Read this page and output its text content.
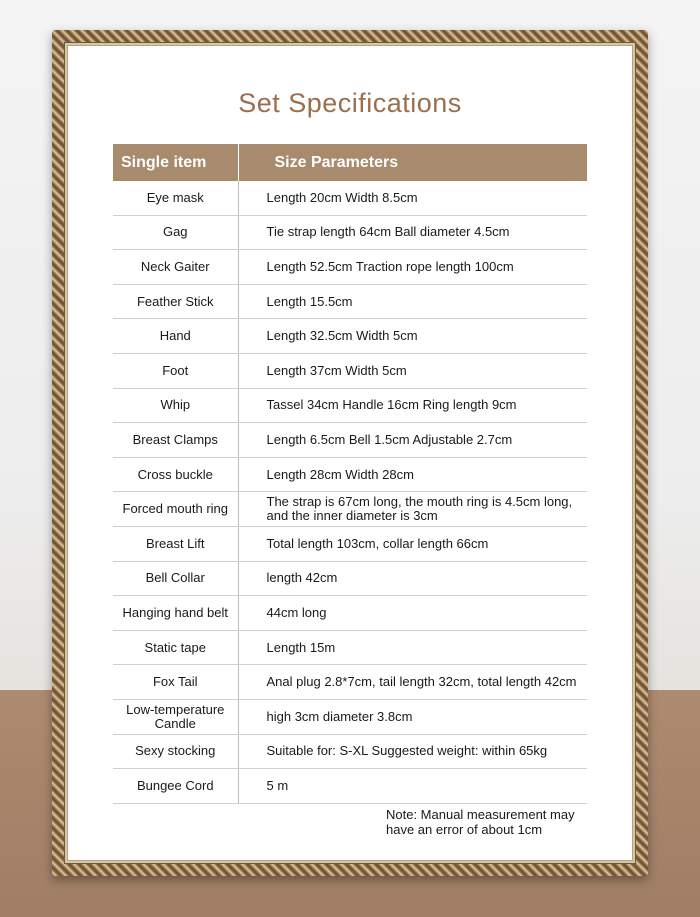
Set Specifications
Single item	Size Parameters
Eye mask	Length 20cm Width 8.5cm
Gag	Tie strap length 64cm Ball diameter 4.5cm
Neck Gaiter	Length 52.5cm Traction rope length 100cm
Feather Stick	Length 15.5cm
Hand	Length 32.5cm Width 5cm
Foot	Length 37cm Width 5cm
Whip	Tassel 34cm Handle 16cm Ring length 9cm
Breast Clamps	Length 6.5cm Bell 1.5cm Adjustable 2.7cm
Cross buckle	Length 28cm Width 28cm
Forced mouth ring	The strap is 67cm long, the mouth ring is 4.5cm long, and the inner diameter is 3cm
Breast Lift	Total length 103cm, collar length 66cm
Bell Collar	length 42cm
Hanging hand belt	44cm long
Static tape	Length 15m
Fox Tail	Anal plug 2.8*7cm, tail length 32cm, total length 42cm
Low-temperature Candle	high 3cm diameter 3.8cm
Sexy stocking	Suitable for: S-XL Suggested weight: within 65kg
Bungee Cord	5 m
Note: Manual measurement may have an error of about 1cm
